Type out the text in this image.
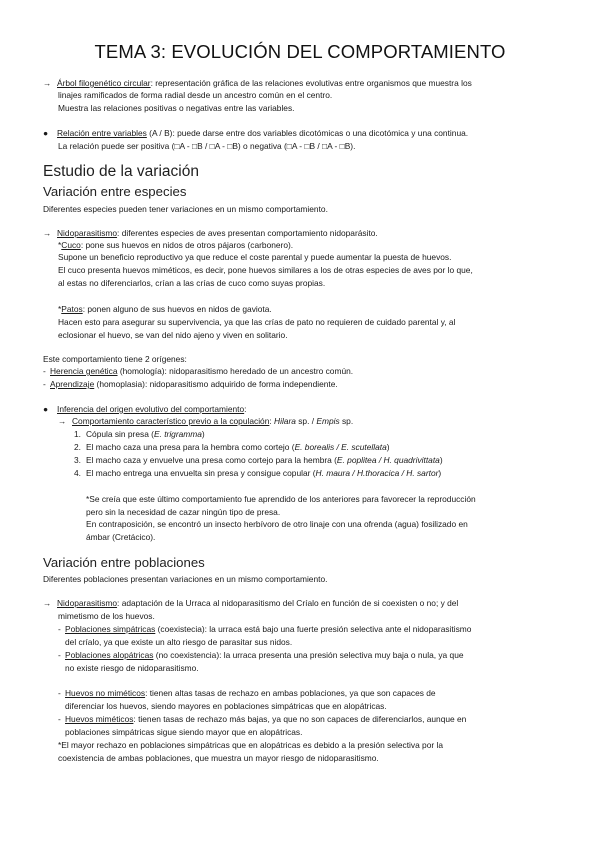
TEMA 3: EVOLUCIÓN DEL COMPORTAMIENTO
→ Árbol filogenético circular: representación gráfica de las relaciones evolutivas entre organismos que muestra los
linajes ramificados de forma radial desde un ancestro común en el centro.
Muestra las relaciones positivas o negativas entre las variables.
● Relación entre variables (A / B): puede darse entre dos variables dicotómicas o una dicotómica y una continua.
La relación puede ser positiva (□A - □B / □A - □B) o negativa (□A - □B / □A - □B).
Estudio de la variación
Variación entre especies
Diferentes especies pueden tener variaciones en un mismo comportamiento.
→ Nidoparasitismo: diferentes especies de aves presentan comportamiento nidoparásito.
*Cuco: pone sus huevos en nidos de otros pájaros (carbonero).
Supone un beneficio reproductivo ya que reduce el coste parental y puede aumentar la puesta de huevos.
El cuco presenta huevos miméticos, es decir, pone huevos similares a los de otras especies de aves por lo que,
al estas no diferenciarlos, crían a las crías de cuco como suyas propias.
*Patos: ponen alguno de sus huevos en nidos de gaviota.
Hacen esto para asegurar su supervivencia, ya que las crías de pato no requieren de cuidado parental y, al
eclosionar el huevo, se van del nido ajeno y viven en solitario.
Este comportamiento tiene 2 orígenes:
- Herencia genética (homología): nidoparasitismo heredado de un ancestro común.
- Aprendizaje (homoplasia): nidoparasitismo adquirido de forma independiente.
● Inferencia del origen evolutivo del comportamiento:
→ Comportamiento característico previo a la copulación: Hilara sp. / Empis sp.
1. Cópula sin presa (E. trigramma)
2. El macho caza una presa para la hembra como cortejo (E. borealis / E. scutellata)
3. El macho caza y envuelve una presa como cortejo para la hembra (E. poplitea / H. quadrivittata)
4. El macho entrega una envuelta sin presa y consigue copular (H. maura / H.thoracica / H. sartor)
*Se creía que este último comportamiento fue aprendido de los anteriores para favorecer la reproducción
pero sin la necesidad de cazar ningún tipo de presa.
En contraposición, se encontró un insecto herbívoro de otro linaje con una ofrenda (agua) fosilizado en
ámbar (Cretácico).
Variación entre poblaciones
Diferentes poblaciones presentan variaciones en un mismo comportamiento.
→ Nidoparasitismo: adaptación de la Urraca al nidoparasitismo del Críalo en función de si coexisten o no; y del
mimetismo de los huevos.
- Poblaciones simpátricas (coexistecia): la urraca está bajo una fuerte presión selectiva ante el nidoparasitismo
del críalo, ya que existe un alto riesgo de parasitar sus nidos.
- Poblaciones alopátricas (no coexistencia): la urraca presenta una presión selectiva muy baja o nula, ya que
no existe riesgo de nidoparasitismo.
- Huevos no miméticos: tienen altas tasas de rechazo en ambas poblaciones, ya que son capaces de
diferenciar los huevos, siendo mayores en poblaciones simpátricas que en alopátricas.
- Huevos miméticos: tienen tasas de rechazo más bajas, ya que no son capaces de diferenciarlos, aunque en
poblaciones simpátricas sigue siendo mayor que en alopátricas.
*El mayor rechazo en poblaciones simpátricas que en alopátricas es debido a la presión selectiva por la
coexistencia de ambas poblaciones, que muestra un mayor riesgo de nidoparasitismo.
